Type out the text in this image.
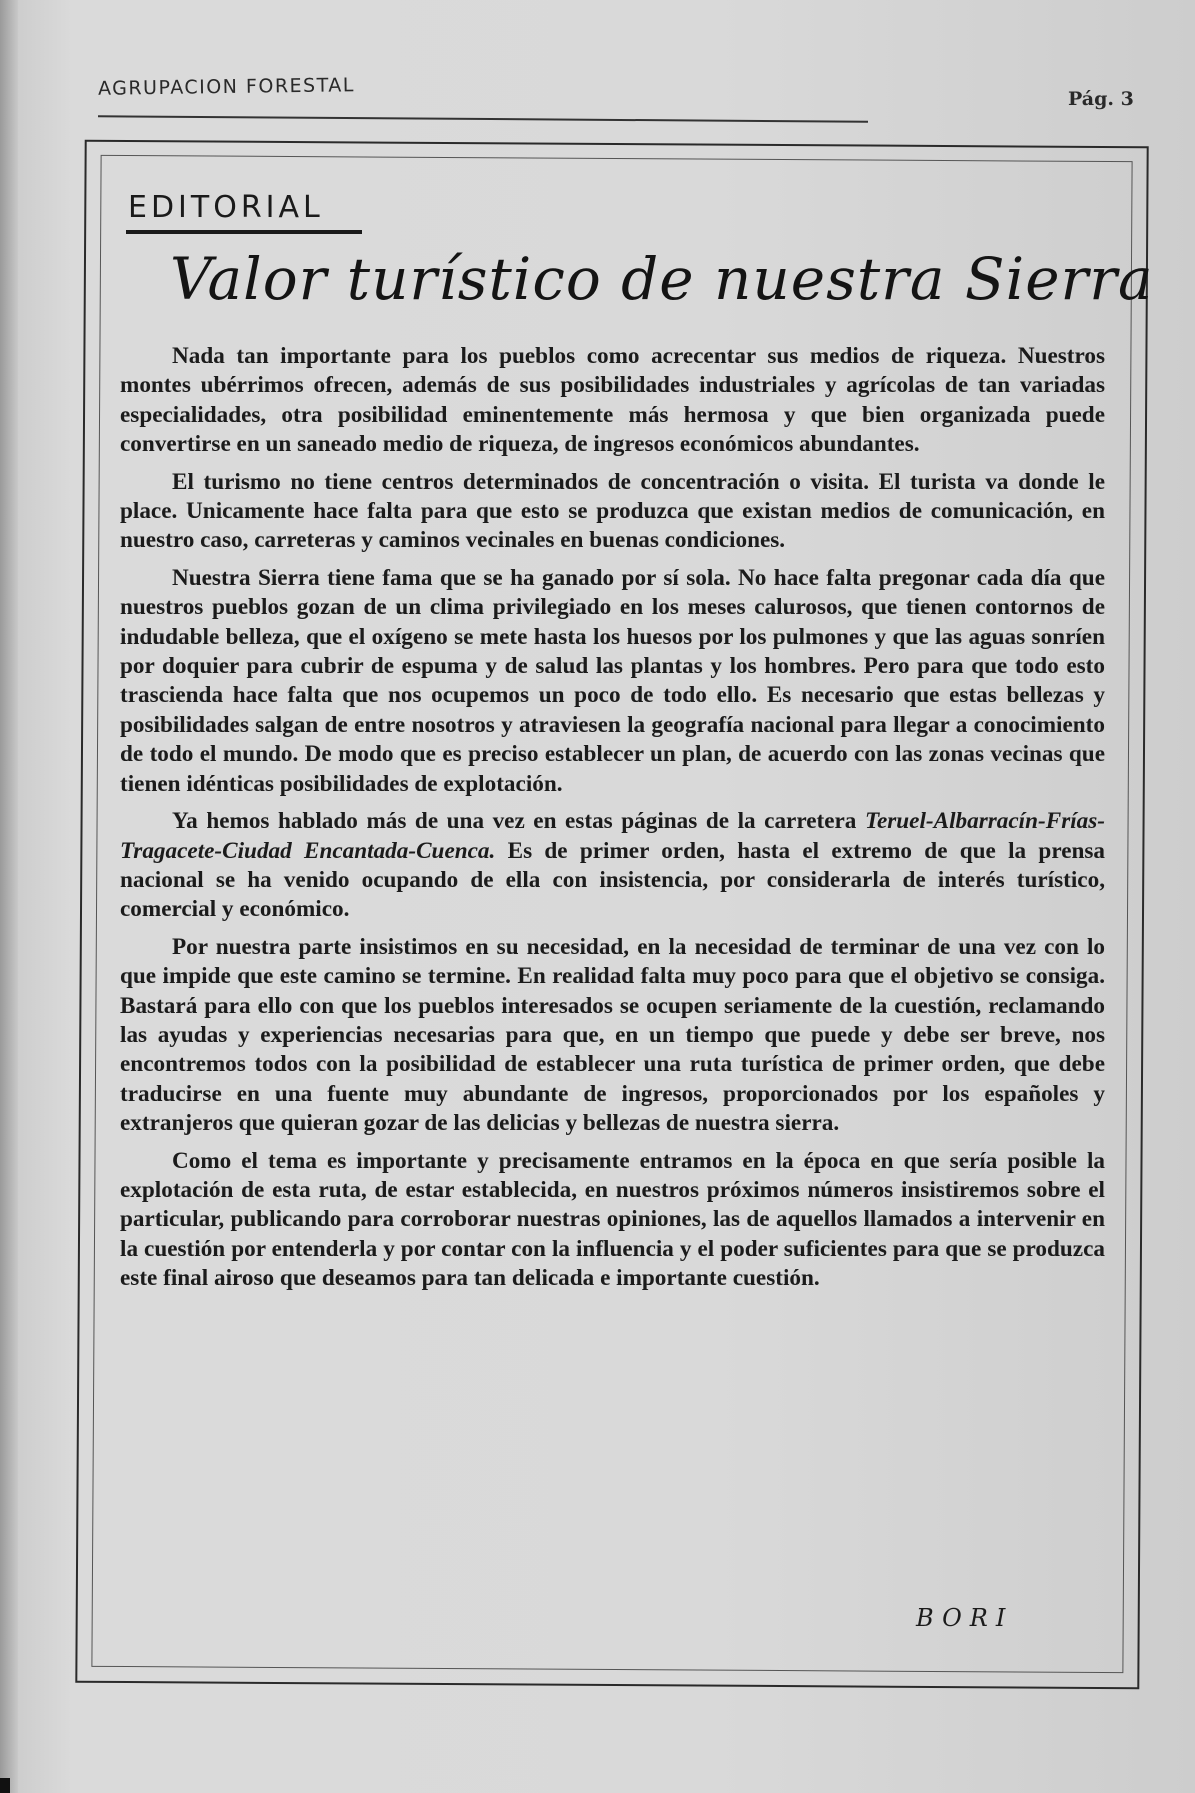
AGRUPACION FORESTAL	Pág. 3
EDITORIAL
Valor turístico de nuestra Sierra

Nada tan importante para los pueblos como acrecentar sus medios de riqueza. Nuestros montes ubérrimos ofrecen, además de sus posibilidades industriales y agrícolas de tan variadas especialidades, otra posibilidad eminentemente más hermosa y que bien organizada puede convertirse en un saneado medio de riqueza, de ingresos económicos abundantes.

El turismo no tiene centros determinados de concentración o visita. El turista va donde le place. Unicamente hace falta para que esto se produzca que existan medios de comunicación, en nuestro caso, carreteras y caminos vecinales en buenas condiciones.

Nuestra Sierra tiene fama que se ha ganado por sí sola. No hace falta pregonar cada día que nuestros pueblos gozan de un clima privilegiado en los meses calurosos, que tienen contornos de indudable belleza, que el oxígeno se mete hasta los huesos por los pulmones y que las aguas sonríen por doquier para cubrir de espuma y de salud las plantas y los hombres. Pero para que todo esto trascienda hace falta que nos ocupemos un poco de todo ello. Es necesario que estas bellezas y posibilidades salgan de entre nosotros y atraviesen la geografía nacional para llegar a conocimiento de todo el mundo. De modo que es preciso establecer un plan, de acuerdo con las zonas vecinas que tienen idénticas posibilidades de explotación.

Ya hemos hablado más de una vez en estas páginas de la carretera Teruel-Albarracín-Frías-Tragacete-Ciudad Encantada-Cuenca. Es de primer orden, hasta el extremo de que la prensa nacional se ha venido ocupando de ella con insistencia, por considerarla de interés turístico, comercial y económico.

Por nuestra parte insistimos en su necesidad, en la necesidad de terminar de una vez con lo que impide que este camino se termine. En realidad falta muy poco para que el objetivo se consiga. Bastará para ello con que los pueblos interesados se ocupen seriamente de la cuestión, reclamando las ayudas y experiencias necesarias para que, en un tiempo que puede y debe ser breve, nos encontremos todos con la posibilidad de establecer una ruta turística de primer orden, que debe traducirse en una fuente muy abundante de ingresos, proporcionados por los españoles y extranjeros que quieran gozar de las delicias y bellezas de nuestra sierra.

Como el tema es importante y precisamente entramos en la época en que sería posible la explotación de esta ruta, de estar establecida, en nuestros próximos números insistiremos sobre el particular, publicando para corroborar nuestras opiniones, las de aquellos llamados a intervenir en la cuestión por entenderla y por contar con la influencia y el poder suficientes para que se produzca este final airoso que deseamos para tan delicada e importante cuestión.

BORI
